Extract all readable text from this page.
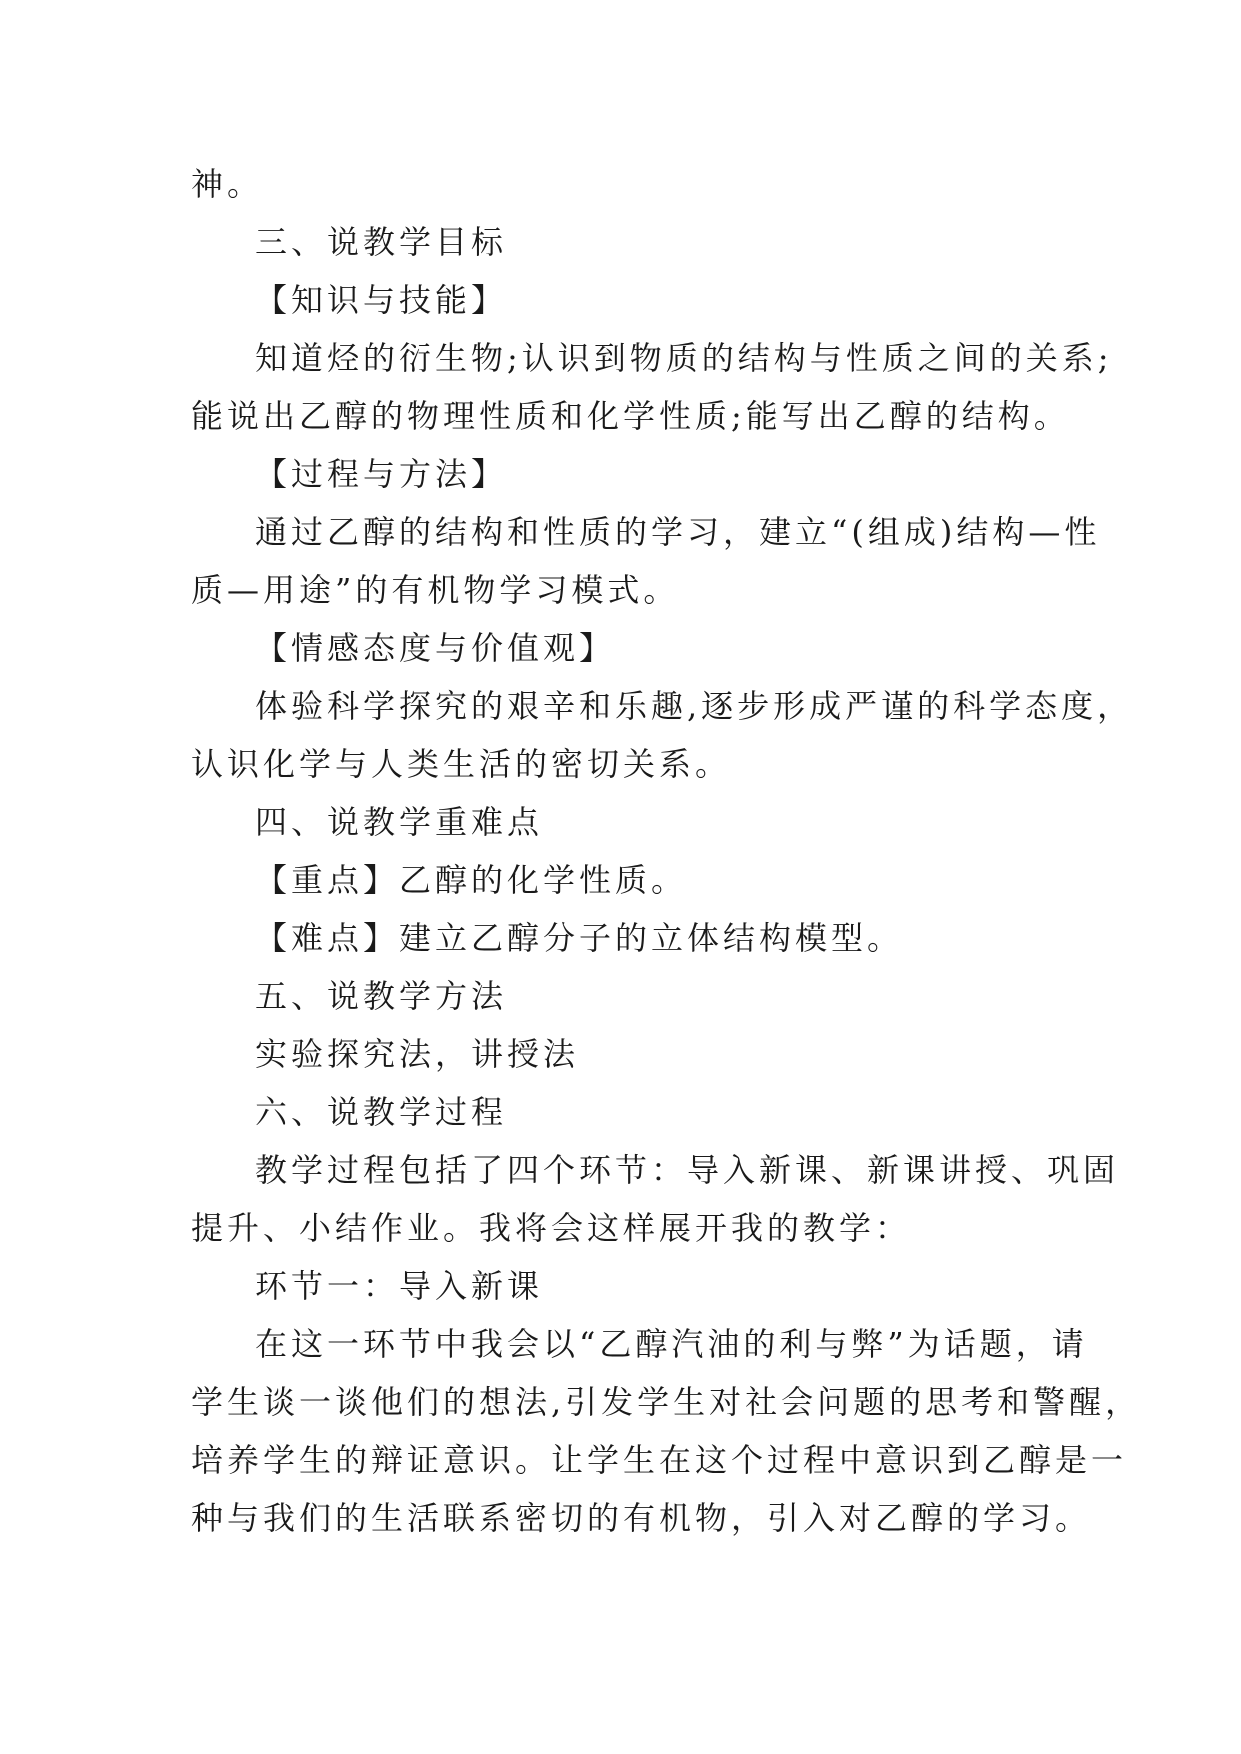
神。
三、说教学目标
【知识与技能】
知道烃的衍生物;认识到物质的结构与性质之间的关系;
能说出乙醇的物理性质和化学性质;能写出乙醇的结构。
【过程与方法】
通过乙醇的结构和性质的学习，建立“(组成)结构—性
质—用途”的有机物学习模式。
【情感态度与价值观】
体验科学探究的艰辛和乐趣,逐步形成严谨的科学态度，
认识化学与人类生活的密切关系。
四、说教学重难点
【重点】乙醇的化学性质。
【难点】建立乙醇分子的立体结构模型。
五、说教学方法
实验探究法，讲授法
六、说教学过程
教学过程包括了四个环节：导入新课、新课讲授、巩固
提升、小结作业。我将会这样展开我的教学：
环节一：导入新课
在这一环节中我会以“乙醇汽油的利与弊”为话题，请
学生谈一谈他们的想法,引发学生对社会问题的思考和警醒，
培养学生的辩证意识。让学生在这个过程中意识到乙醇是一
种与我们的生活联系密切的有机物，引入对乙醇的学习。
